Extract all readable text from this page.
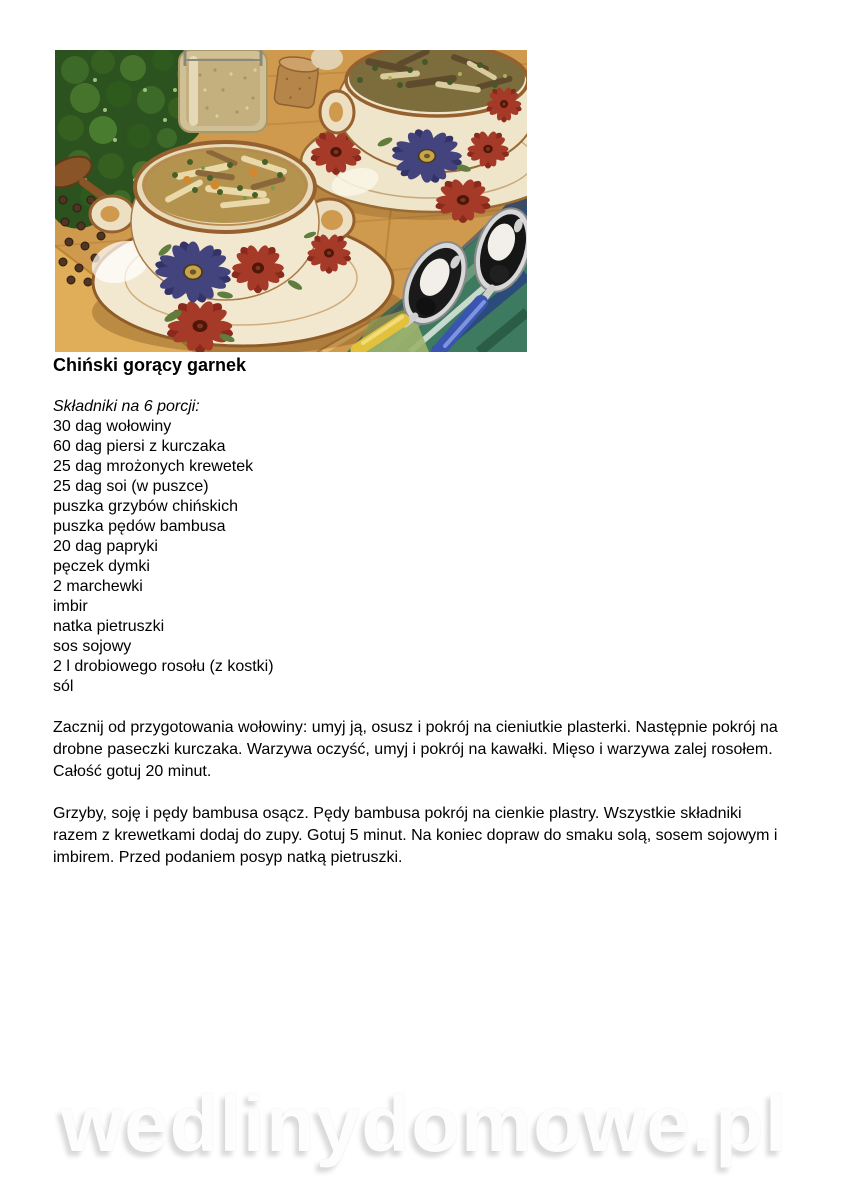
Chiński gorący garnek
Składniki na 6 porcji:
30 dag wołowiny
60 dag piersi z kurczaka
25 dag mrożonych krewetek
25 dag soi (w puszce)
puszka grzybów chińskich
puszka pędów bambusa
20 dag papryki
pęczek dymki
2 marchewki
imbir
natka pietruszki
sos sojowy
2 l drobiowego rosołu (z kostki)
sól

Zacznij od przygotowania wołowiny: umyj ją, osusz i pokrój na cieniutkie plasterki. Następnie pokrój na drobne paseczki kurczaka. Warzywa oczyść, umyj i pokrój na kawałki. Mięso i warzywa zalej rosołem. Całość gotuj 20 minut.

Grzyby, soję i pędy bambusa osącz. Pędy bambusa pokrój na cienkie plastry. Wszystkie składniki razem z krewetkami dodaj do zupy. Gotuj 5 minut. Na koniec dopraw do smaku solą, sosem sojowym i imbirem. Przed podaniem posyp natką pietruszki.

wedlinydomowe.pl
